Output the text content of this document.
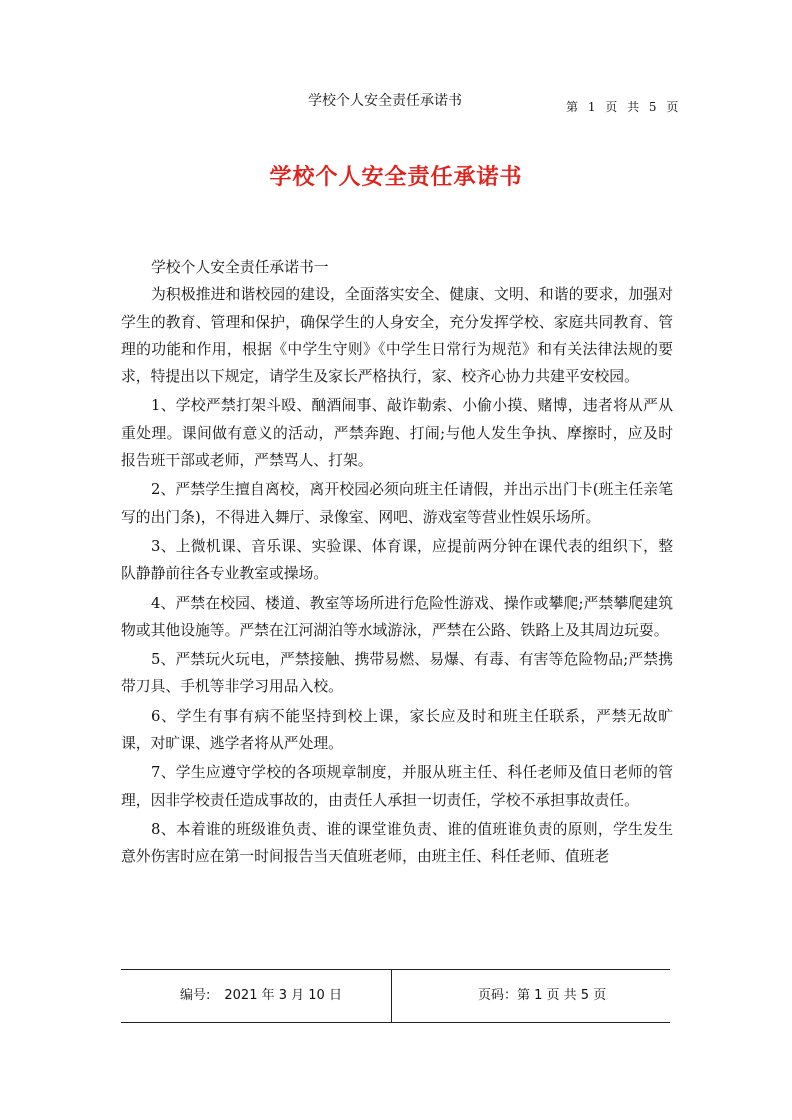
学校个人安全责任承诺书	第 1 页 共 5 页
学校个人安全责任承诺书

学校个人安全责任承诺书一

为积极推进和谐校园的建设，全面落实安全、健康、文明、和谐的要求，加强对学生的教育、管理和保护，确保学生的人身安全，充分发挥学校、家庭共同教育、管理的功能和作用，根据《中学生守则》《中学生日常行为规范》和有关法律法规的要求，特提出以下规定，请学生及家长严格执行，家、校齐心协力共建平安校园。

1、学校严禁打架斗殴、酗酒闹事、敲诈勒索、小偷小摸、赌博，违者将从严从重处理。课间做有意义的活动，严禁奔跑、打闹;与他人发生争执、摩擦时，应及时报告班干部或老师，严禁骂人、打架。

2、严禁学生擅自离校，离开校园必须向班主任请假，并出示出门卡(班主任亲笔写的出门条)，不得进入舞厅、录像室、网吧、游戏室等营业性娱乐场所。

3、上微机课、音乐课、实验课、体育课，应提前两分钟在课代表的组织下，整队静静前往各专业教室或操场。

4、严禁在校园、楼道、教室等场所进行危险性游戏、操作或攀爬;严禁攀爬建筑物或其他设施等。严禁在江河湖泊等水域游泳，严禁在公路、铁路上及其周边玩耍。

5、严禁玩火玩电，严禁接触、携带易燃、易爆、有毒、有害等危险物品;严禁携带刀具、手机等非学习用品入校。

6、学生有事有病不能坚持到校上课，家长应及时和班主任联系，严禁无故旷课，对旷课、逃学者将从严处理。

7、学生应遵守学校的各项规章制度，并服从班主任、科任老师及值日老师的管理，因非学校责任造成事故的，由责任人承担一切责任，学校不承担事故责任。

8、本着谁的班级谁负责、谁的课堂谁负责、谁的值班谁负责的原则，学生发生意外伤害时应在第一时间报告当天值班老师，由班主任、科任老师、值班老

编号: 2021 年 3 月 10 日	页码：第 1 页 共 5 页
